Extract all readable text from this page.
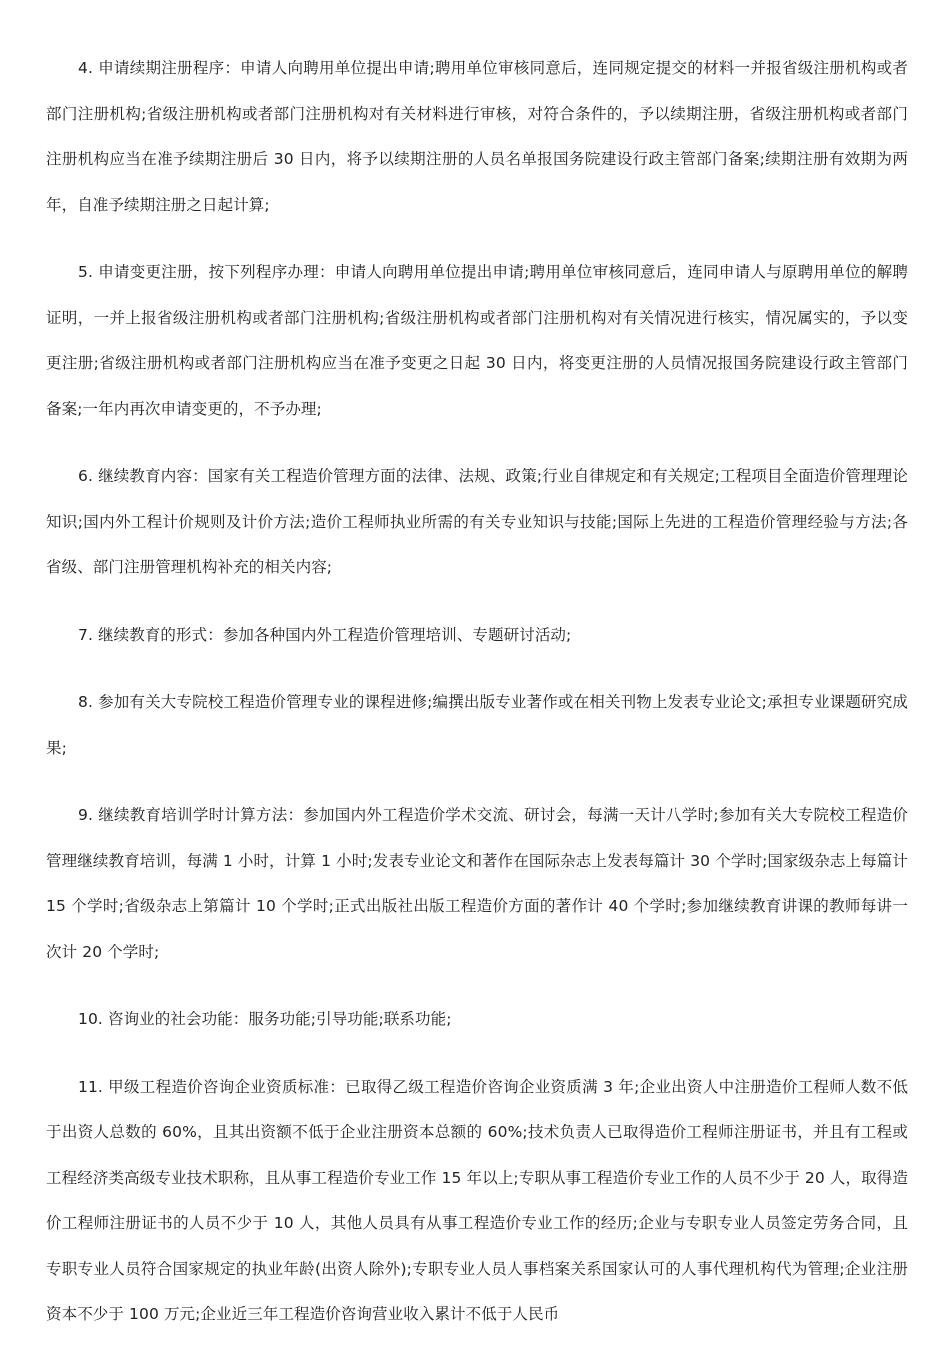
4. 申请续期注册程序：申请人向聘用单位提出申请;聘用单位审核同意后，连同规定提交的材料一并报省级注册机构或者部门注册机构;省级注册机构或者部门注册机构对有关材料进行审核，对符合条件的，予以续期注册，省级注册机构或者部门注册机构应当在准予续期注册后 30 日内，将予以续期注册的人员名单报国务院建设行政主管部门备案;续期注册有效期为两年，自准予续期注册之日起计算;

5. 申请变更注册，按下列程序办理：申请人向聘用单位提出申请;聘用单位审核同意后，连同申请人与原聘用单位的解聘证明，一并上报省级注册机构或者部门注册机构;省级注册机构或者部门注册机构对有关情况进行核实，情况属实的，予以变更注册;省级注册机构或者部门注册机构应当在准予变更之日起 30 日内，将变更注册的人员情况报国务院建设行政主管部门备案;一年内再次申请变更的，不予办理;

6. 继续教育内容：国家有关工程造价管理方面的法律、法规、政策;行业自律规定和有关规定;工程项目全面造价管理理论知识;国内外工程计价规则及计价方法;造价工程师执业所需的有关专业知识与技能;国际上先进的工程造价管理经验与方法;各省级、部门注册管理机构补充的相关内容;

7. 继续教育的形式：参加各种国内外工程造价管理培训、专题研讨活动;

8. 参加有关大专院校工程造价管理专业的课程进修;编撰出版专业著作或在相关刊物上发表专业论文;承担专业课题研究成果;

9. 继续教育培训学时计算方法：参加国内外工程造价学术交流、研讨会，每满一天计八学时;参加有关大专院校工程造价管理继续教育培训，每满 1 小时，计算 1 小时;发表专业论文和著作在国际杂志上发表每篇计 30 个学时;国家级杂志上每篇计 15 个学时;省级杂志上第篇计 10 个学时;正式出版社出版工程造价方面的著作计 40 个学时;参加继续教育讲课的教师每讲一次计 20 个学时;

10. 咨询业的社会功能：服务功能;引导功能;联系功能;

11. 甲级工程造价咨询企业资质标准：已取得乙级工程造价咨询企业资质满 3 年;企业出资人中注册造价工程师人数不低于出资人总数的 60%，且其出资额不低于企业注册资本总额的 60%;技术负责人已取得造价工程师注册证书，并且有工程或工程经济类高级专业技术职称，且从事工程造价专业工作 15 年以上;专职从事工程造价专业工作的人员不少于 20 人，取得造价工程师注册证书的人员不少于 10 人，其他人员具有从事工程造价专业工作的经历;企业与专职专业人员签定劳务合同，且专职专业人员符合国家规定的执业年龄(出资人除外);专职专业人员人事档案关系国家认可的人事代理机构代为管理;企业注册资本不少于 100 万元;企业近三年工程造价咨询营业收入累计不低于人民币
